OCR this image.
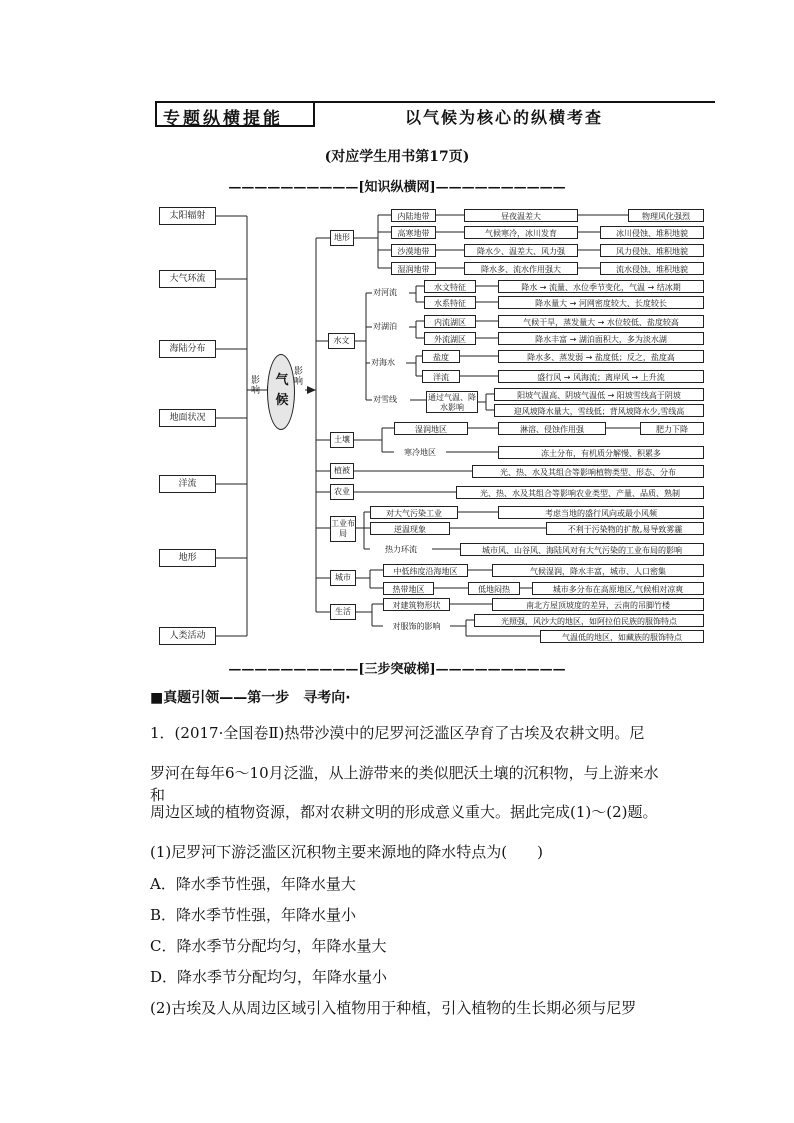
专题纵横提能	以气候为核心的纵横考查
(对应学生用书第17页)
——————————[知识纵横网]——————————
太阳辐射
大气环流
海陆分布
地面状况
洋流
地形
人类活动
影响
气候
影响
地形
水文
土壤
植被
农业
工业布局
城市
生活
内陆地带	昼夜温差大	物理风化强烈
高寒地带	气候寒冷，冰川发育	冰川侵蚀、堆积地貌
沙漠地带	降水少、温差大、风力强	风力侵蚀、堆积地貌
湿润地带	降水多、流水作用强大	流水侵蚀、堆积地貌
对河流
水文特征	降水 → 流量、水位季节变化，气温 → 结冰期
水系特征	降水量大 → 河网密度较大、长度较长
对湖泊	内流湖区	气候干旱，蒸发量大 → 水位较低、盐度较高
外流湖区	降水丰富 → 湖泊面积大，多为淡水湖
对海水
盐度	降水多、蒸发弱 → 盐度低；反之，盐度高
洋流	盛行风 → 风海流；离岸风 → 上升流
对雪线	通过气温、降水影响
阳坡气温高、阴坡气温低 → 阳坡雪线高于阴坡
迎风坡降水量大，雪线低；背风坡降水少,雪线高
湿润地区	淋溶、侵蚀作用强	肥力下降
寒冷地区	冻土分布，有机质分解慢、积累多
光、热、水及其组合等影响植物类型、形态、分布
光、热、水及其组合等影响农业类型、产量、品质、熟制
对大气污染工业	考虑当地的盛行风向或最小风频
逆温现象	不利于污染物的扩散,易导致雾霾
热力环流	城市风、山谷风、海陆风对有大气污染的工业布局的影响
中低纬度沿海地区	气候湿润，降水丰富，城市、人口密集
热带地区	低地闷热	城市多分布在高原地区,气候相对凉爽
对建筑物形状	南北方屋顶坡度的差异，云南的吊脚竹楼
对服饰的影响
光照强，风沙大的地区，如阿拉伯民族的服饰特点
气温低的地区，如藏族的服饰特点
——————————[三步突破梯]——————————
■真题引领——第一步　寻考向·
1．(2017·全国卷Ⅱ)热带沙漠中的尼罗河泛滥区孕育了古埃及农耕文明。尼
罗河在每年6～10月泛滥，从上游带来的类似肥沃土壤的沉积物，与上游来水和
周边区域的植物资源，都对农耕文明的形成意义重大。据此完成(1)～(2)题。
(1)尼罗河下游泛滥区沉积物主要来源地的降水特点为(　　)
A．降水季节性强，年降水量大
B．降水季节性强，年降水量小
C．降水季节分配均匀，年降水量大
D．降水季节分配均匀，年降水量小
(2)古埃及人从周边区域引入植物用于种植，引入植物的生长期必须与尼罗
